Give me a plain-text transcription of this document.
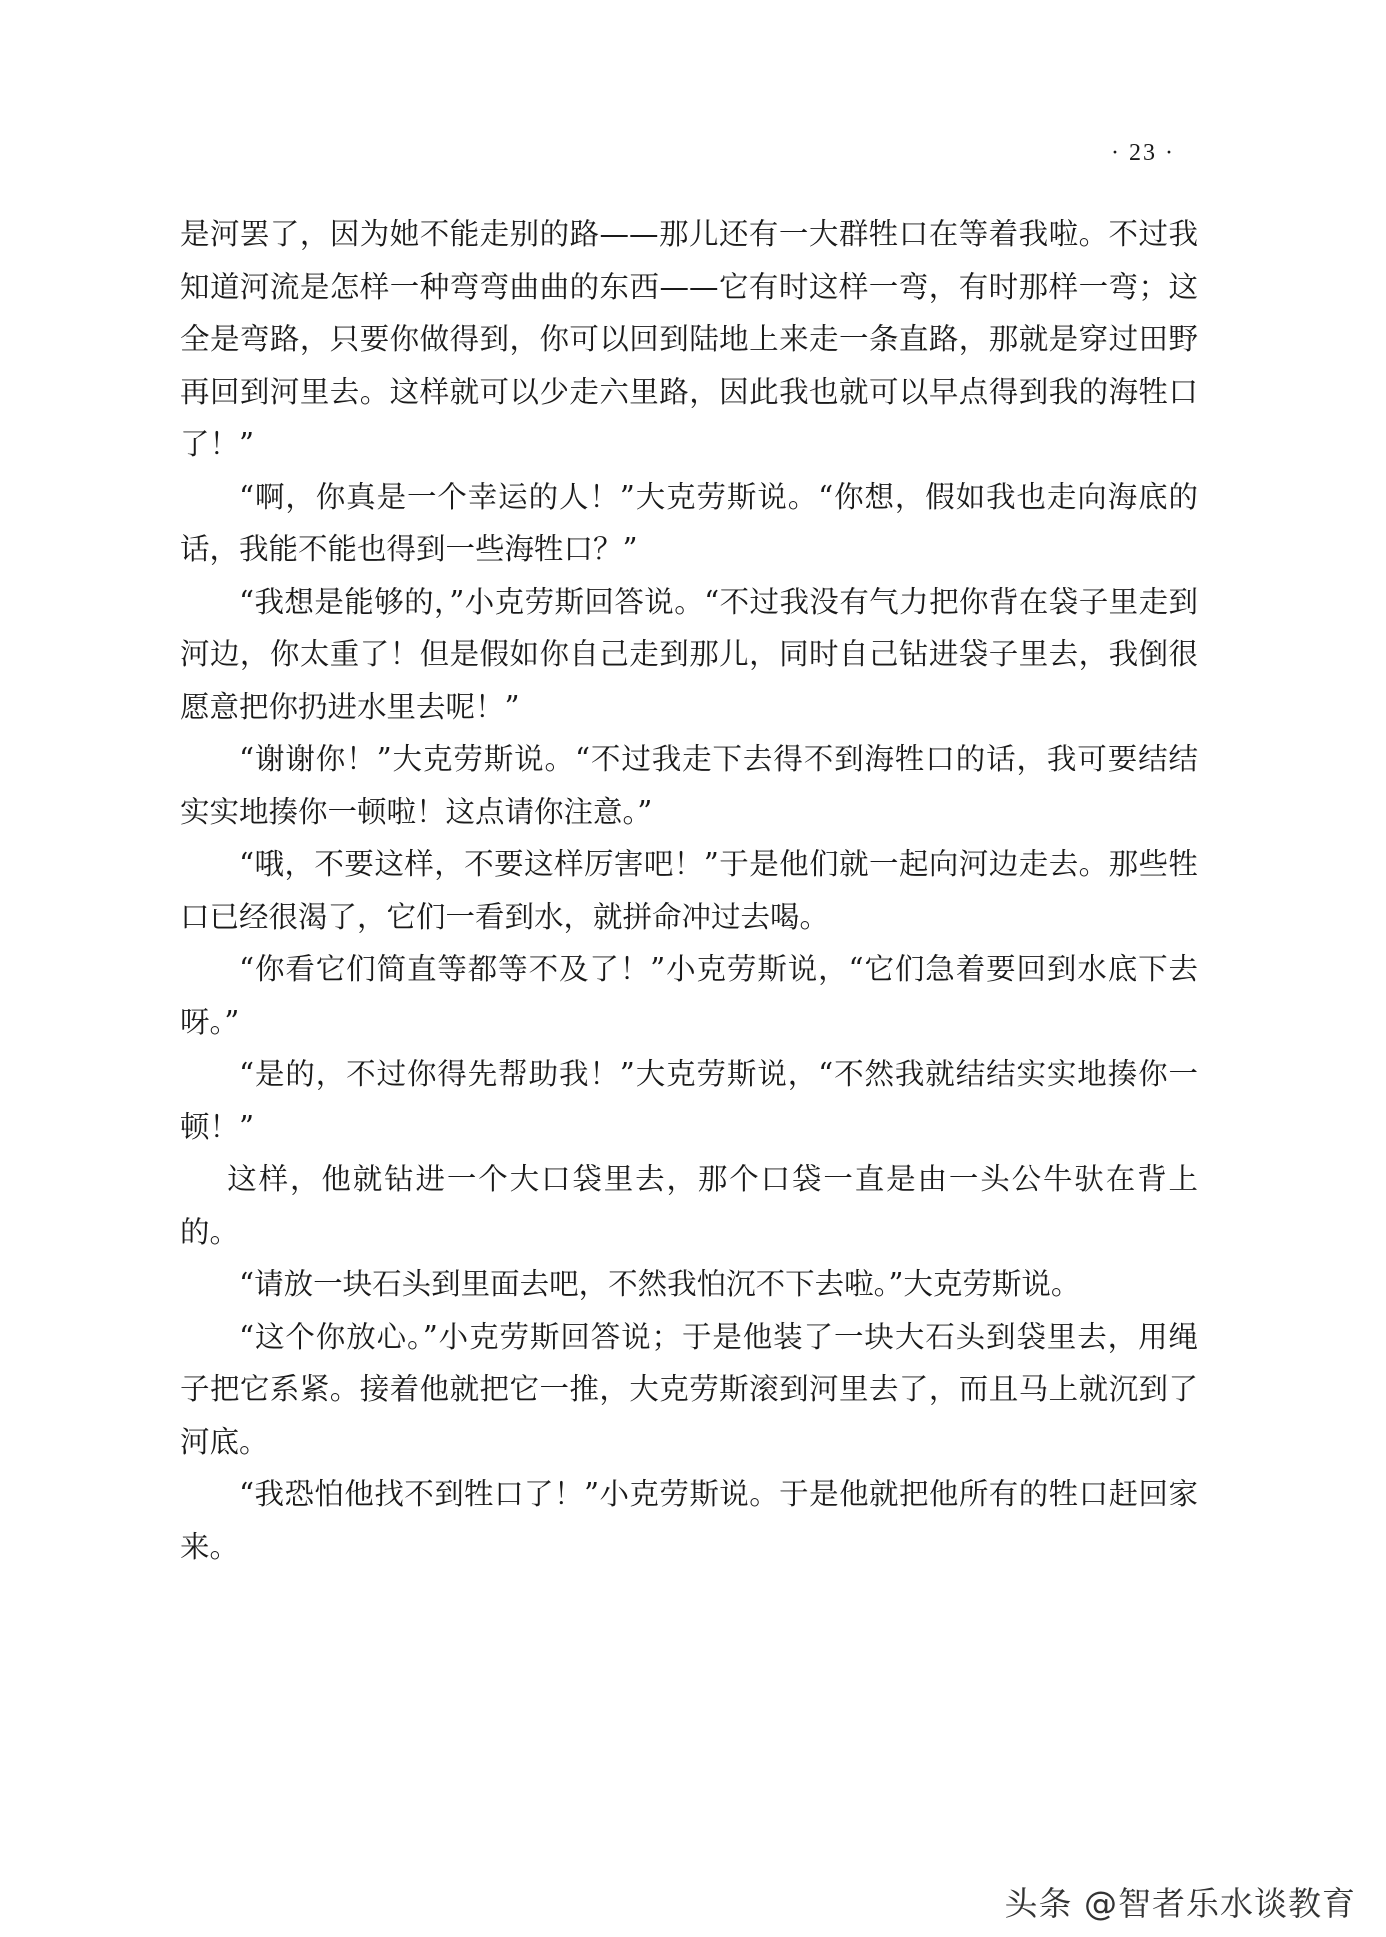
· 23 ·

是河罢了，因为她不能走别的路——那儿还有一大群牲口在等着我啦。不过我知道河流是怎样一种弯弯曲曲的东西——它有时这样一弯，有时那样一弯；这全是弯路，只要你做得到，你可以回到陆地上来走一条直路，那就是穿过田野再回到河里去。这样就可以少走六里路，因此我也就可以早点得到我的海牲口了！”

“啊，你真是一个幸运的人！”大克劳斯说。“你想，假如我也走向海底的话，我能不能也得到一些海牲口？”

“我想是能够的，”小克劳斯回答说。“不过我没有气力把你背在袋子里走到河边，你太重了！但是假如你自己走到那儿，同时自己钻进袋子里去，我倒很愿意把你扔进水里去呢！”

“谢谢你！”大克劳斯说。“不过我走下去得不到海牲口的话，我可要结结实实地揍你一顿啦！这点请你注意。”

“哦，不要这样，不要这样厉害吧！”于是他们就一起向河边走去。那些牲口已经很渴了，它们一看到水，就拼命冲过去喝。

“你看它们简直等都等不及了！”小克劳斯说，“它们急着要回到水底下去呀。”

“是的，不过你得先帮助我！”大克劳斯说，“不然我就结结实实地揍你一顿！”

这样，他就钻进一个大口袋里去，那个口袋一直是由一头公牛驮在背上的。

“请放一块石头到里面去吧，不然我怕沉不下去啦。”大克劳斯说。

“这个你放心。”小克劳斯回答说；于是他装了一块大石头到袋里去，用绳子把它系紧。接着他就把它一推，大克劳斯滚到河里去了，而且马上就沉到了河底。

“我恐怕他找不到牲口了！”小克劳斯说。于是他就把他所有的牲口赶回家来。

头条 @智者乐水谈教育
